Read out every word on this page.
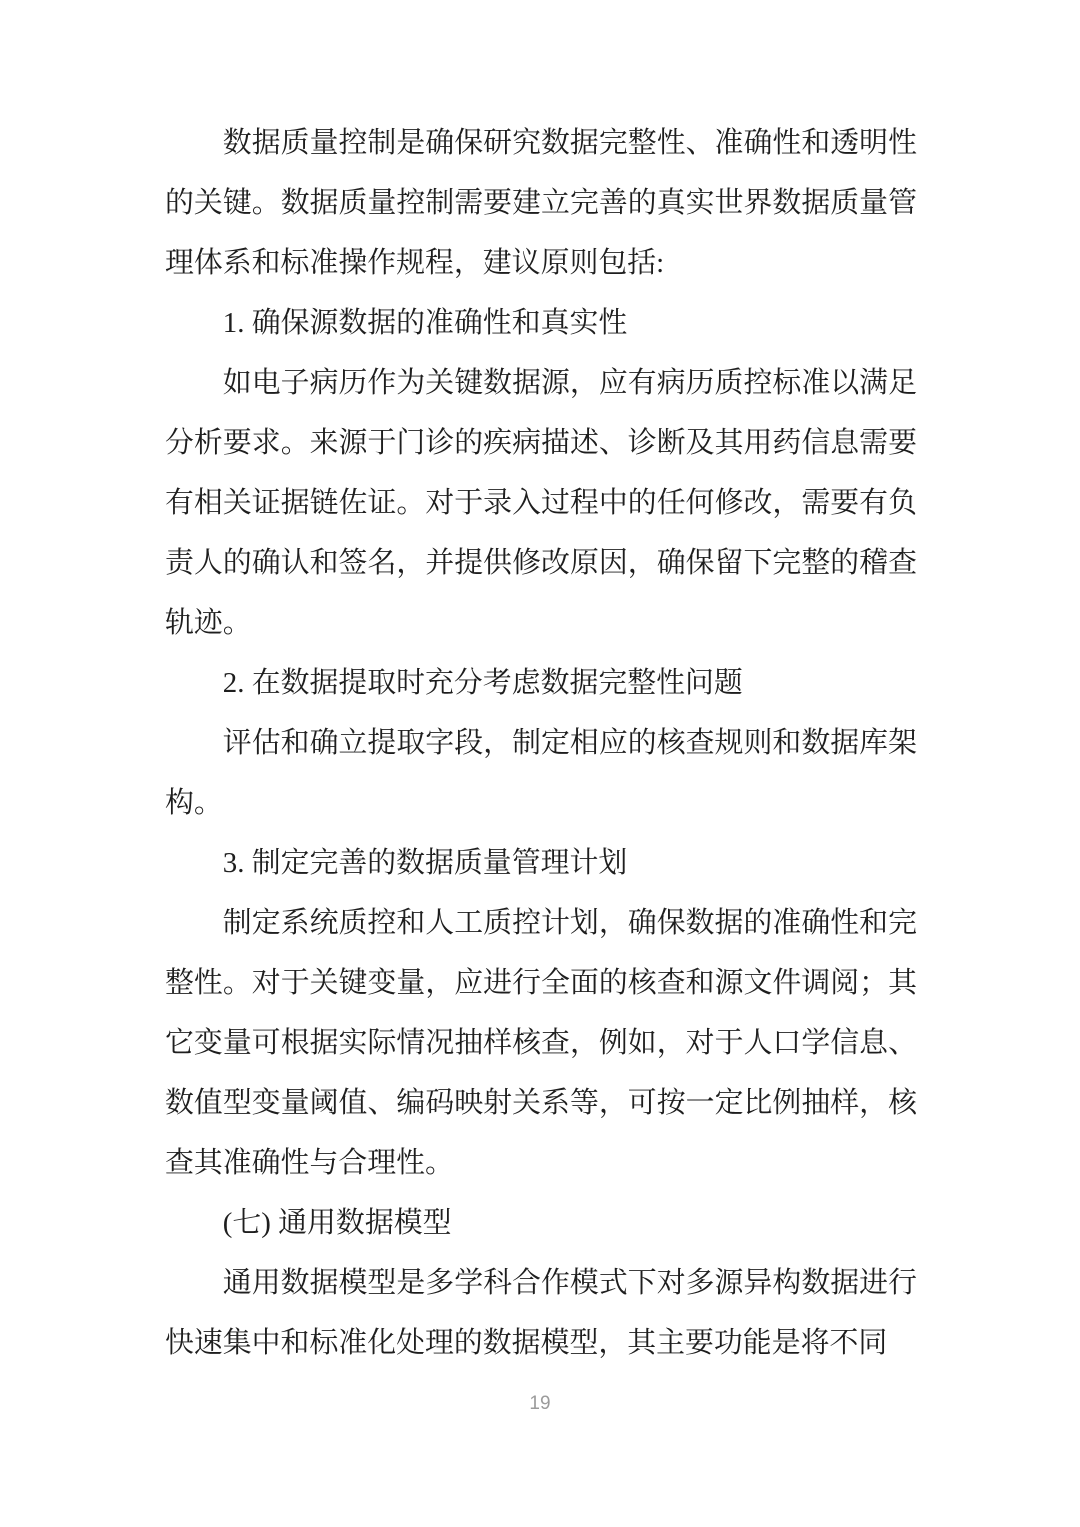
数据质量控制是确保研究数据完整性、准确性和透明性的关键。数据质量控制需要建立完善的真实世界数据质量管理体系和标准操作规程，建议原则包括:

1. 确保源数据的准确性和真实性

如电子病历作为关键数据源，应有病历质控标准以满足分析要求。来源于门诊的疾病描述、诊断及其用药信息需要有相关证据链佐证。对于录入过程中的任何修改，需要有负责人的确认和签名，并提供修改原因，确保留下完整的稽查轨迹。

2. 在数据提取时充分考虑数据完整性问题

评估和确立提取字段，制定相应的核查规则和数据库架构。

3. 制定完善的数据质量管理计划

制定系统质控和人工质控计划，确保数据的准确性和完整性。对于关键变量，应进行全面的核查和源文件调阅；其它变量可根据实际情况抽样核查，例如，对于人口学信息、数值型变量阈值、编码映射关系等，可按一定比例抽样，核查其准确性与合理性。

(七) 通用数据模型

通用数据模型是多学科合作模式下对多源异构数据进行快速集中和标准化处理的数据模型，其主要功能是将不同

19
